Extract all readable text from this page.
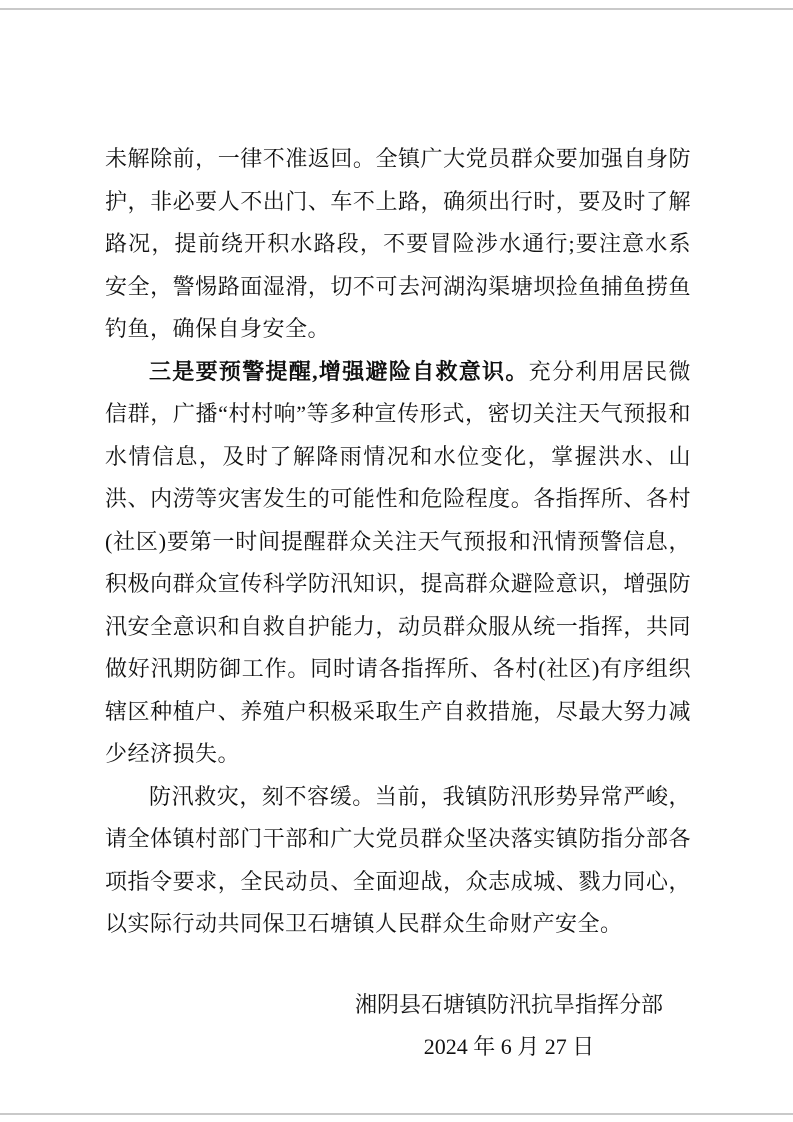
未解除前，一律不准返回。全镇广大党员群众要加强自身防护，非必要人不出门、车不上路，确须出行时，要及时了解路况，提前绕开积水路段，不要冒险涉水通行;要注意水系安全，警惕路面湿滑，切不可去河湖沟渠塘坝捡鱼捕鱼捞鱼钓鱼，确保自身安全。

三是要预警提醒,增强避险自救意识。充分利用居民微信群，广播“村村响”等多种宣传形式，密切关注天气预报和水情信息，及时了解降雨情况和水位变化，掌握洪水、山洪、内涝等灾害发生的可能性和危险程度。各指挥所、各村(社区)要第一时间提醒群众关注天气预报和汛情预警信息，积极向群众宣传科学防汛知识，提高群众避险意识，增强防汛安全意识和自救自护能力，动员群众服从统一指挥，共同做好汛期防御工作。同时请各指挥所、各村(社区)有序组织辖区种植户、养殖户积极采取生产自救措施，尽最大努力减少经济损失。

防汛救灾，刻不容缓。当前，我镇防汛形势异常严峻，请全体镇村部门干部和广大党员群众坚决落实镇防指分部各项指令要求，全民动员、全面迎战，众志成城、戮力同心，以实际行动共同保卫石塘镇人民群众生命财产安全。

湘阴县石塘镇防汛抗旱指挥分部
2024 年 6 月 27 日
